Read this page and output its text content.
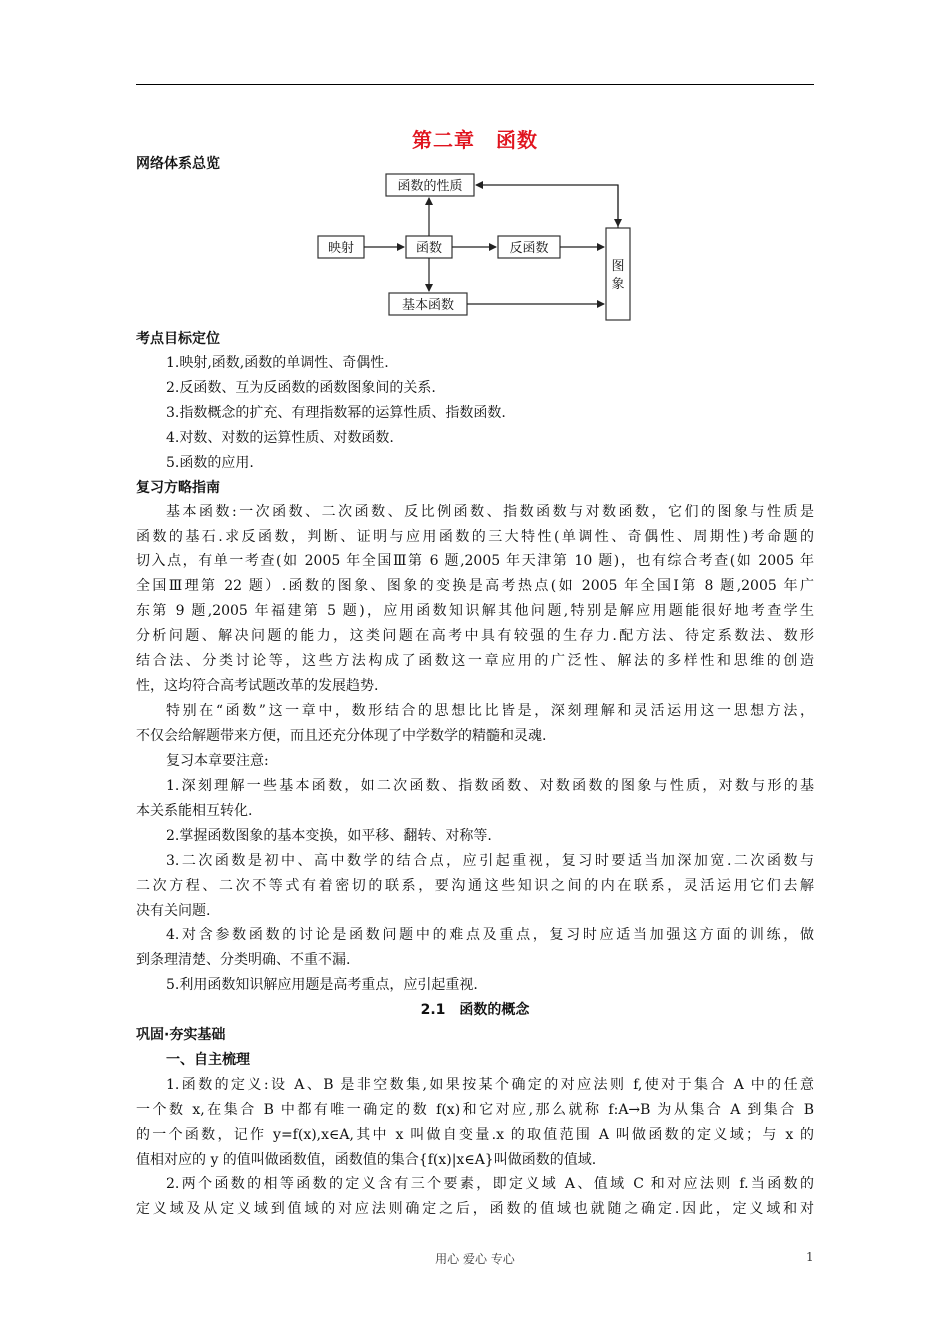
第二章　函数
网络体系总览
函数的性质
映射	函数	反函数
图
象
基本函数
考点目标定位
1.映射,函数,函数的单调性、奇偶性.
2.反函数、互为反函数的函数图象间的关系.
3.指数概念的扩充、有理指数幂的运算性质、指数函数.
4.对数、对数的运算性质、对数函数.
5.函数的应用.
复习方略指南
基本函数:一次函数、二次函数、反比例函数、指数函数与对数函数，它们的图象与性质是
函数的基石.求反函数，判断、证明与应用函数的三大特性(单调性、奇偶性、周期性)考命题的
切入点，有单一考查(如 2005 年全国Ⅲ第 6 题,2005 年天津第 10 题)，也有综合考查(如 2005 年
全国Ⅲ理第 22 题）.函数的图象、图象的变换是高考热点(如 2005 年全国Ⅰ第 8 题,2005 年广
东第 9 题,2005 年福建第 5 题)，应用函数知识解其他问题,特别是解应用题能很好地考查学生
分析问题、解决问题的能力，这类问题在高考中具有较强的生存力.配方法、待定系数法、数形
结合法、分类讨论等，这些方法构成了函数这一章应用的广泛性、解法的多样性和思维的创造
性，这均符合高考试题改革的发展趋势.
特别在“函数”这一章中，数形结合的思想比比皆是，深刻理解和灵活运用这一思想方法，
不仅会给解题带来方便，而且还充分体现了中学数学的精髓和灵魂.
复习本章要注意:
1.深刻理解一些基本函数，如二次函数、指数函数、对数函数的图象与性质，对数与形的基
本关系能相互转化.
2.掌握函数图象的基本变换，如平移、翻转、对称等.
3.二次函数是初中、高中数学的结合点，应引起重视，复习时要适当加深加宽.二次函数与
二次方程、二次不等式有着密切的联系，要沟通这些知识之间的内在联系，灵活运用它们去解
决有关问题.
4.对含参数函数的讨论是函数问题中的难点及重点，复习时应适当加强这方面的训练，做
到条理清楚、分类明确、不重不漏.
5.利用函数知识解应用题是高考重点，应引起重视.
2.1　函数的概念
巩固·夯实基础
一、自主梳理
1.函数的定义:设 A、B 是非空数集,如果按某个确定的对应法则 f,使对于集合 A 中的任意
一个数 x,在集合 B 中都有唯一确定的数 f(x)和它对应,那么就称 f:A→B 为从集合 A 到集合 B
的一个函数，记作 y=f(x),x∈A,其中 x 叫做自变量.x 的取值范围 A 叫做函数的定义域；与 x 的
值相对应的 y 的值叫做函数值，函数值的集合{f(x)|x∈A}叫做函数的值域.
2.两个函数的相等函数的定义含有三个要素，即定义域 A、值域 C 和对应法则 f.当函数的
定义域及从定义域到值域的对应法则确定之后，函数的值域也就随之确定.因此，定义域和对
用心 爱心 专心	1
